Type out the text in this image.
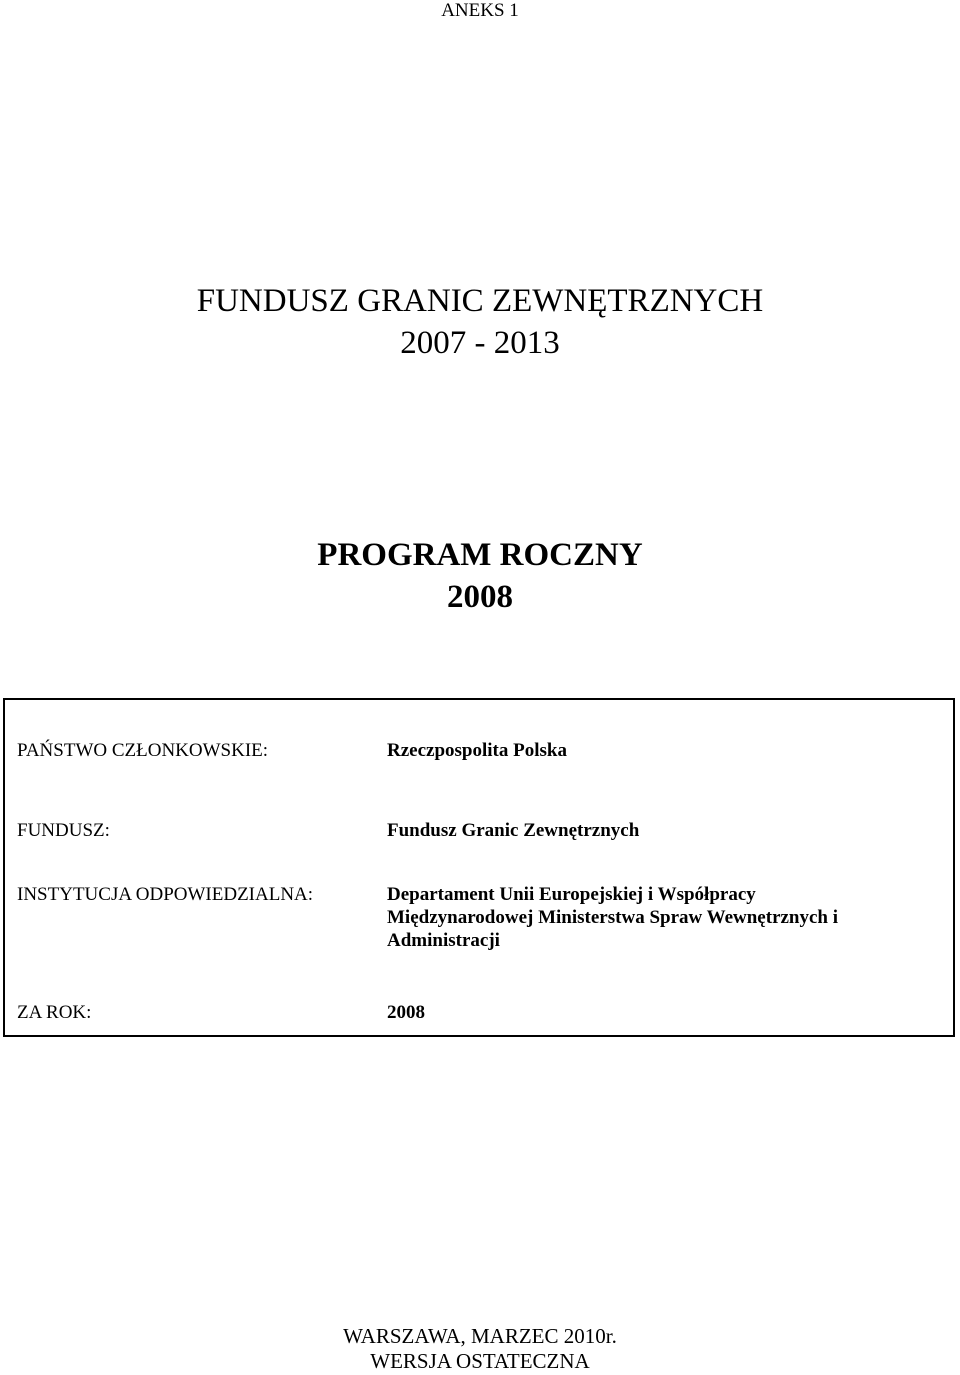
ANEKS 1
FUNDUSZ GRANIC ZEWNĘTRZNYCH
2007 - 2013
PROGRAM ROCZNY
2008
PAŃSTWO CZŁONKOWSKIE:	Rzeczpospolita Polska
FUNDUSZ:	Fundusz Granic Zewnętrznych
INSTYTUCJA ODPOWIEDZIALNA:	Departament Unii Europejskiej i Współpracy
Międzynarodowej Ministerstwa Spraw Wewnętrznych i
Administracji
ZA ROK:	2008
WARSZAWA, MARZEC 2010r.
WERSJA OSTATECZNA
